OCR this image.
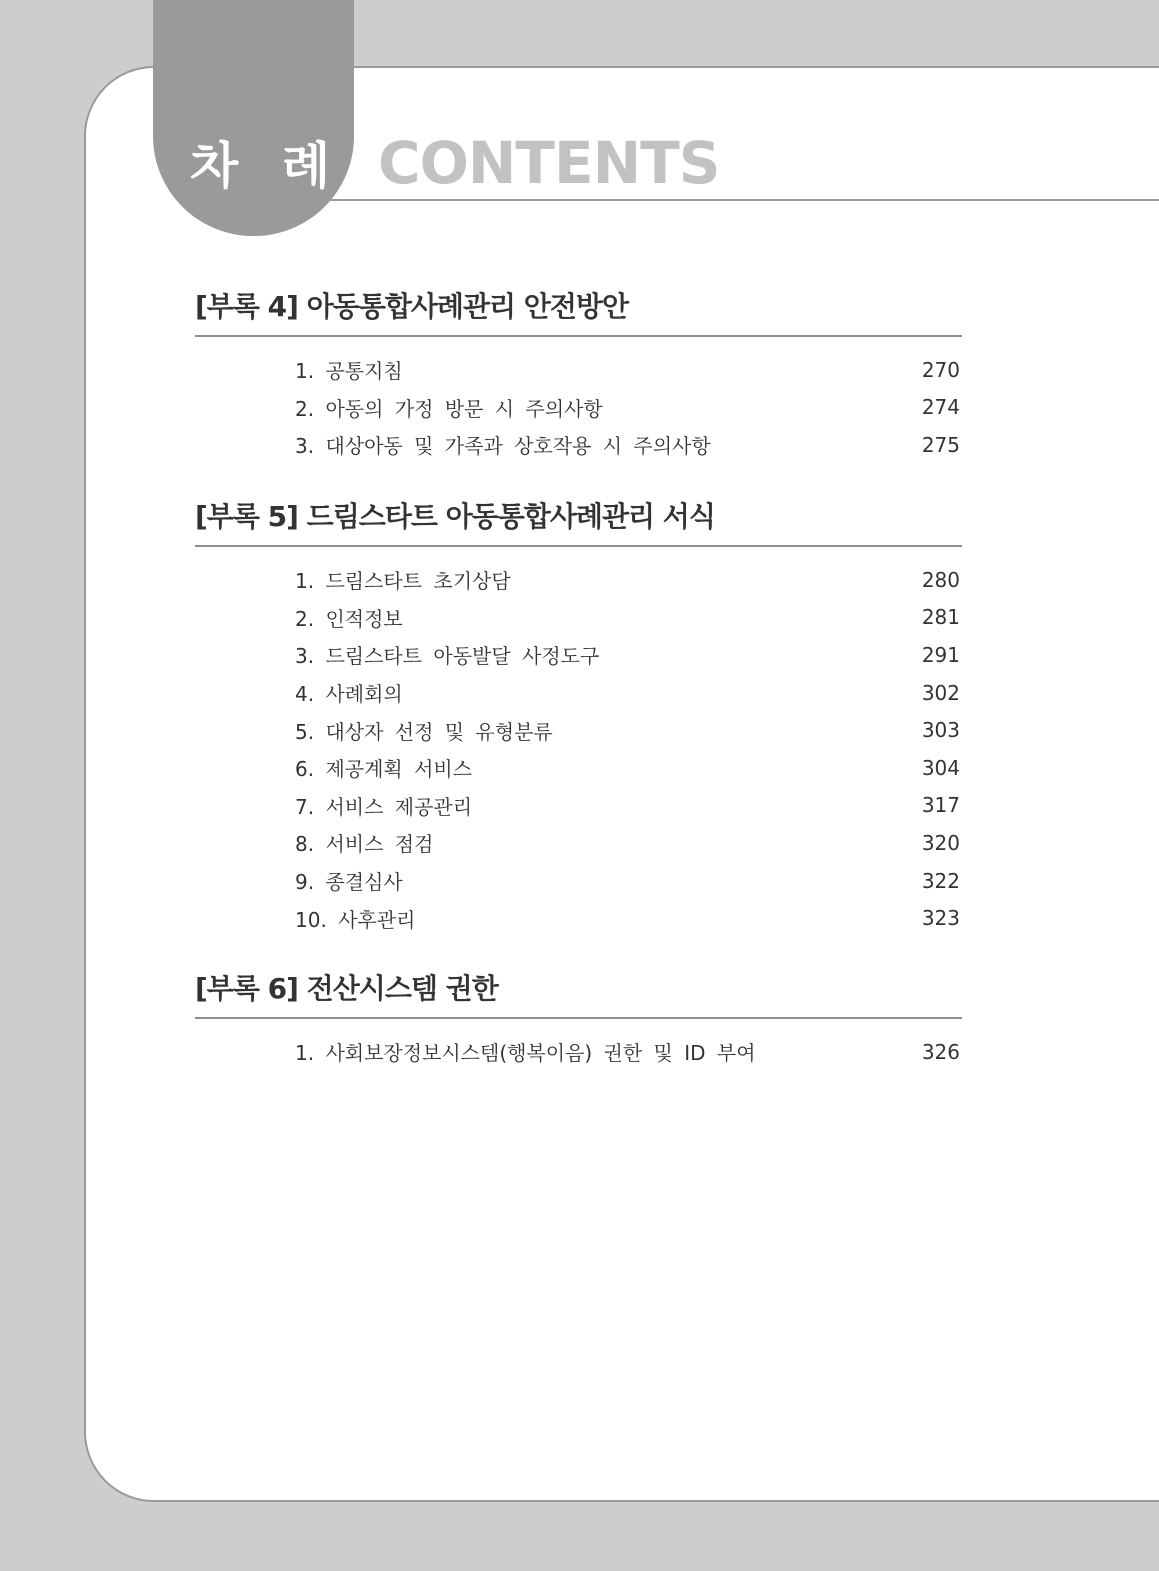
차 례 CONTENTS
[부록 4] 아동통합사례관리 안전방안
1. 공통지침	270
2. 아동의 가정 방문 시 주의사항	274
3. 대상아동 및 가족과 상호작용 시 주의사항	275
[부록 5] 드림스타트 아동통합사례관리 서식
1. 드림스타트 초기상담	280
2. 인적정보	281
3. 드림스타트 아동발달 사정도구	291
4. 사례회의	302
5. 대상자 선정 및 유형분류	303
6. 제공계획 서비스	304
7. 서비스 제공관리	317
8. 서비스 점검	320
9. 종결심사	322
10. 사후관리	323
[부록 6] 전산시스템 권한
1. 사회보장정보시스템(행복이음) 권한 및 ID 부여	326
